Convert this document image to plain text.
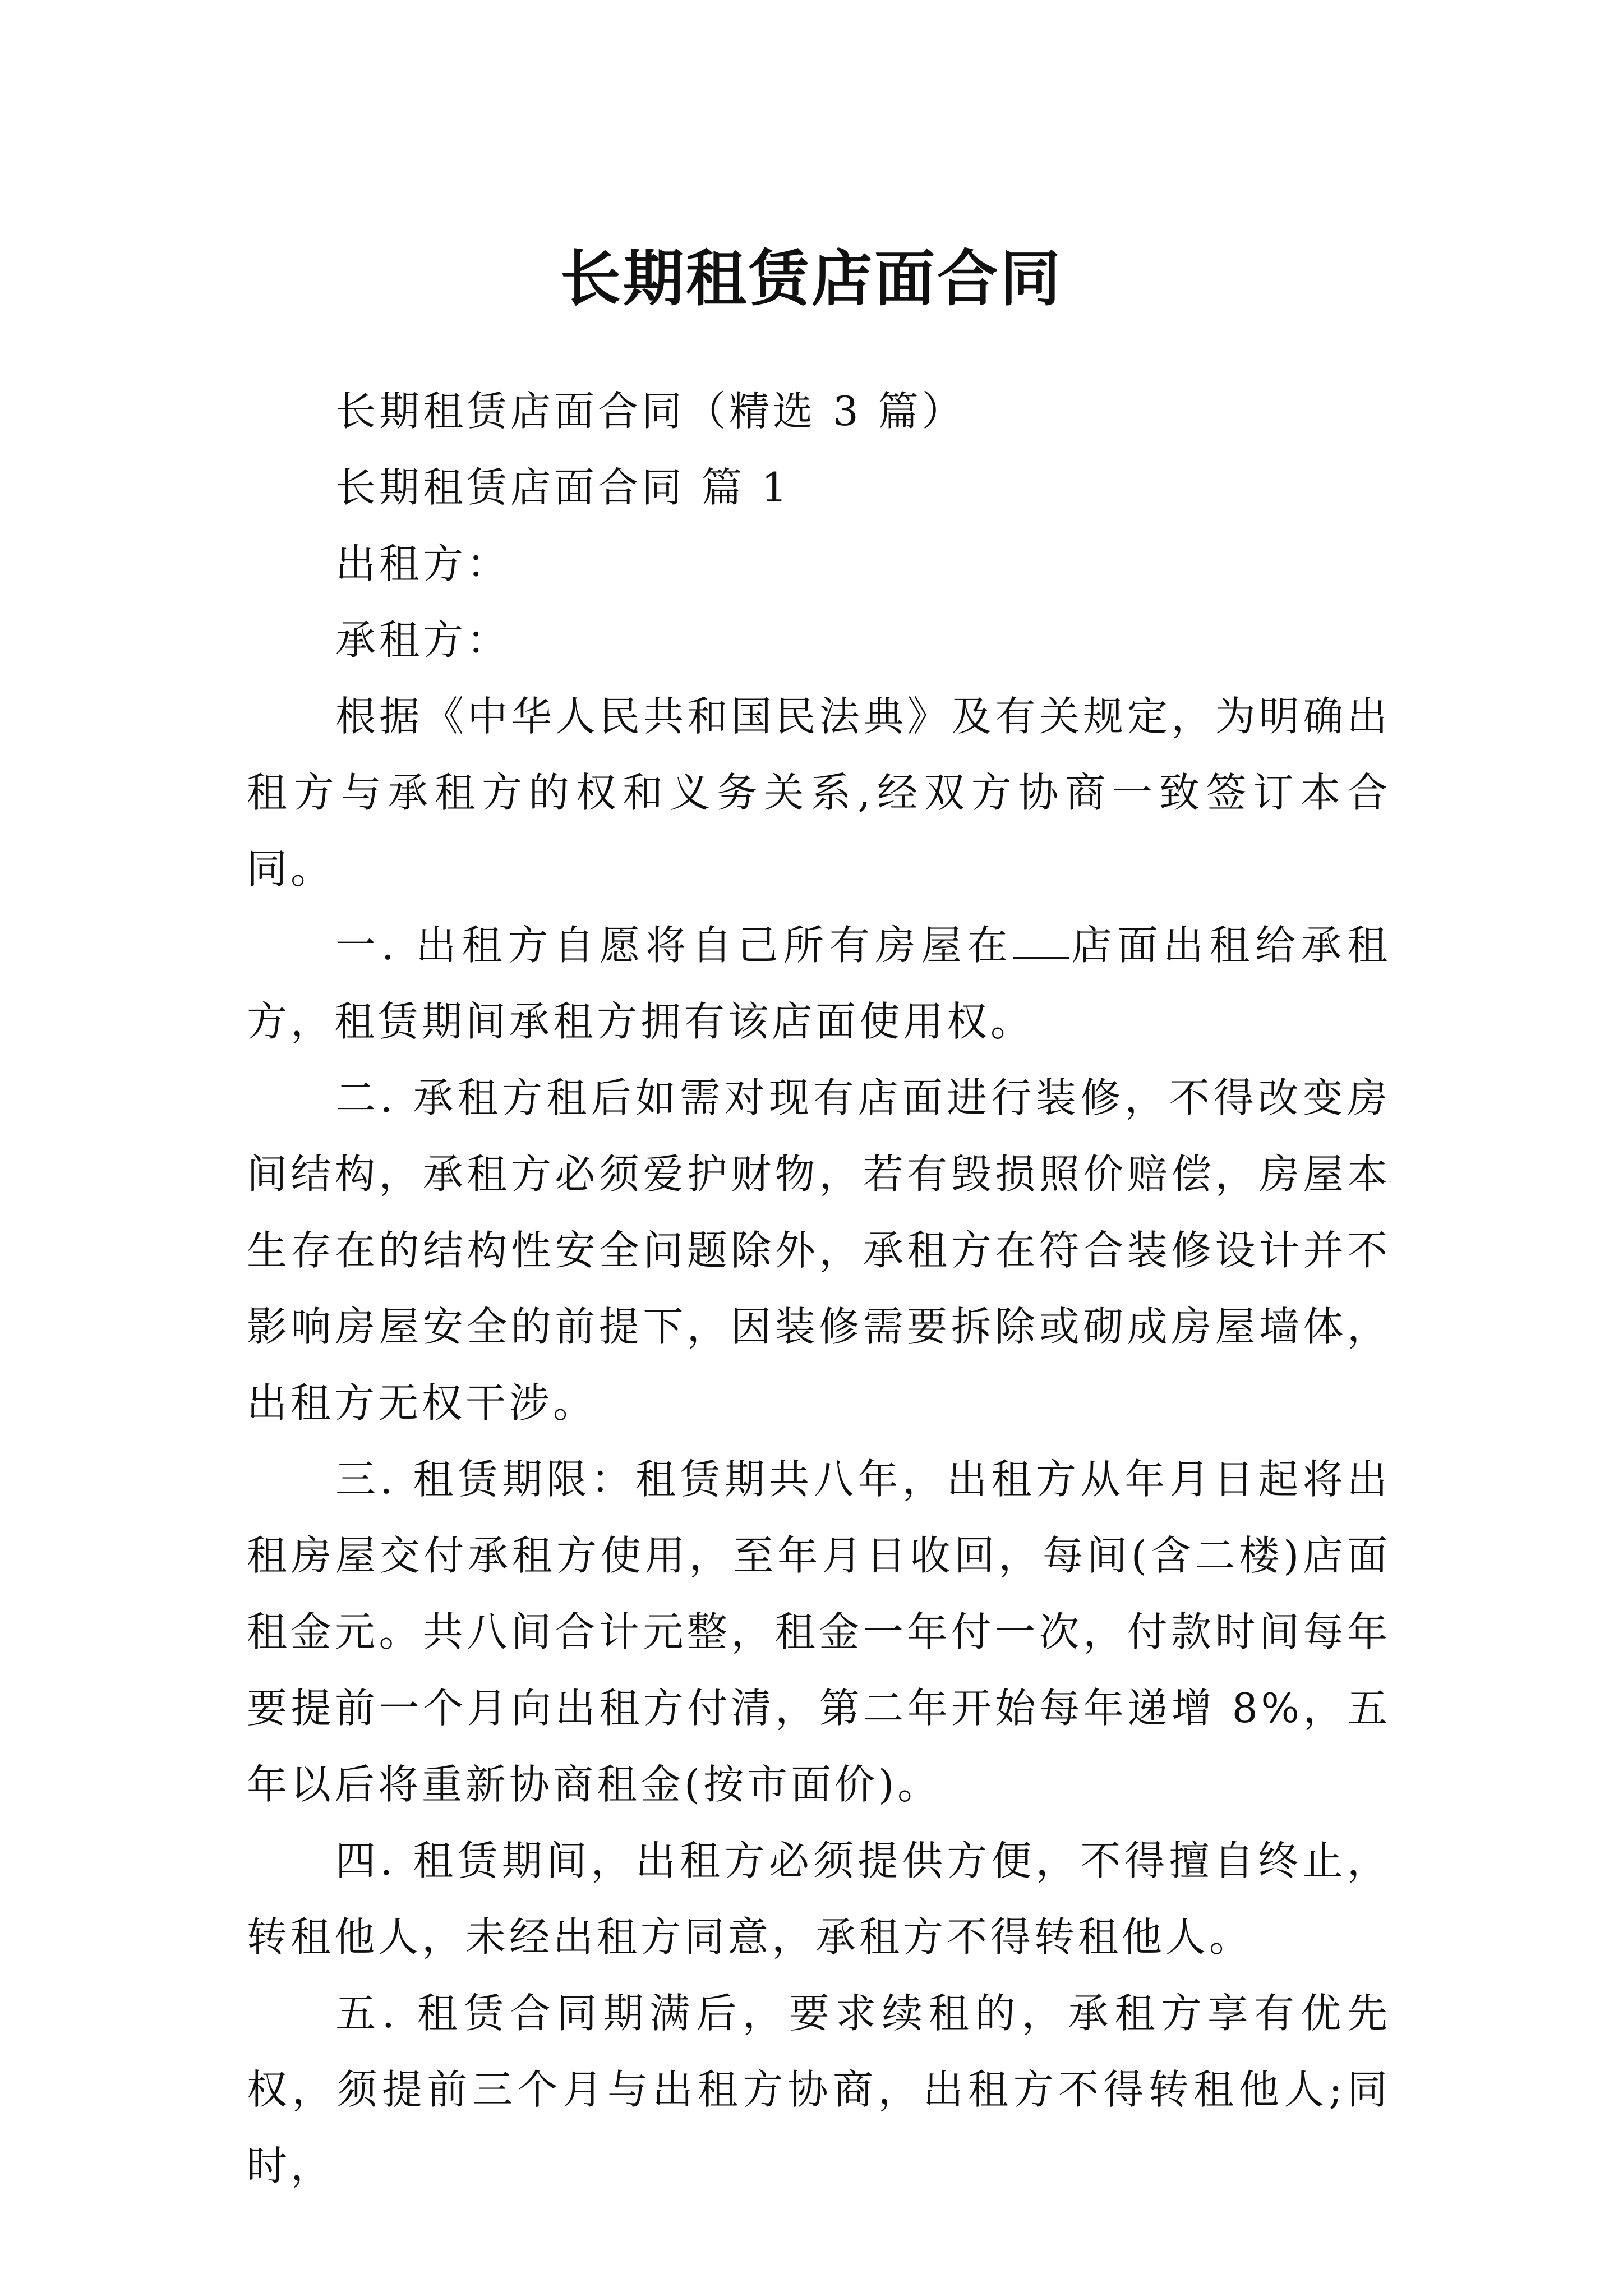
长期租赁店面合同

长期租赁店面合同（精选 3 篇）

长期租赁店面合同 篇 1

出租方：

承租方：

根据《中华人民共和国民法典》及有关规定，为明确出租方与承租方的权和义务关系,经双方协商一致签订本合同。

一. 出租方自愿将自己所有房屋在 店面出租给承租方，租赁期间承租方拥有该店面使用权。

二. 承租方租后如需对现有店面进行装修，不得改变房间结构，承租方必须爱护财物，若有毁损照价赔偿，房屋本生存在的结构性安全问题除外，承租方在符合装修设计并不影响房屋安全的前提下，因装修需要拆除或砌成房屋墙体，出租方无权干涉。

三. 租赁期限：租赁期共八年，出租方从年月日起将出租房屋交付承租方使用，至年月日收回，每间(含二楼)店面租金元。共八间合计元整，租金一年付一次，付款时间每年要提前一个月向出租方付清，第二年开始每年递增 8%，五年以后将重新协商租金(按市面价)。

四. 租赁期间，出租方必须提供方便，不得擅自终止，转租他人，未经出租方同意，承租方不得转租他人。

五. 租赁合同期满后，要求续租的，承租方享有优先权，须提前三个月与出租方协商，出租方不得转租他人;同时，
